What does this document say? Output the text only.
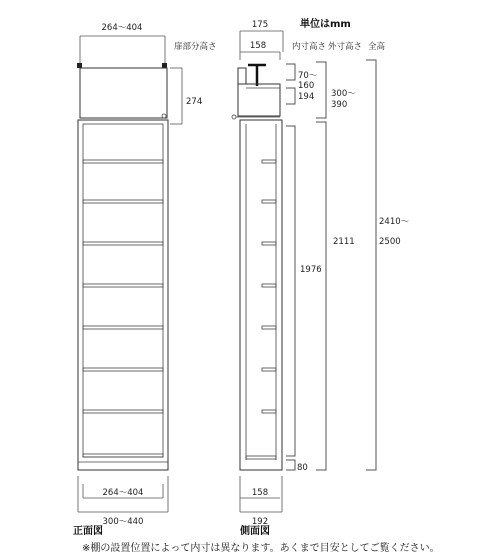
264～404
274
264～404
300～440
正面図
175
158
158
192
側面図
単位はmm
内寸高さ 外寸高さ 全高
扉部分高さ
70～
160
194
1976
80
300～
390
2111
2410～
2500
※棚の設置位置によって内寸は異なります。あくまで目安としてご覧ください。
